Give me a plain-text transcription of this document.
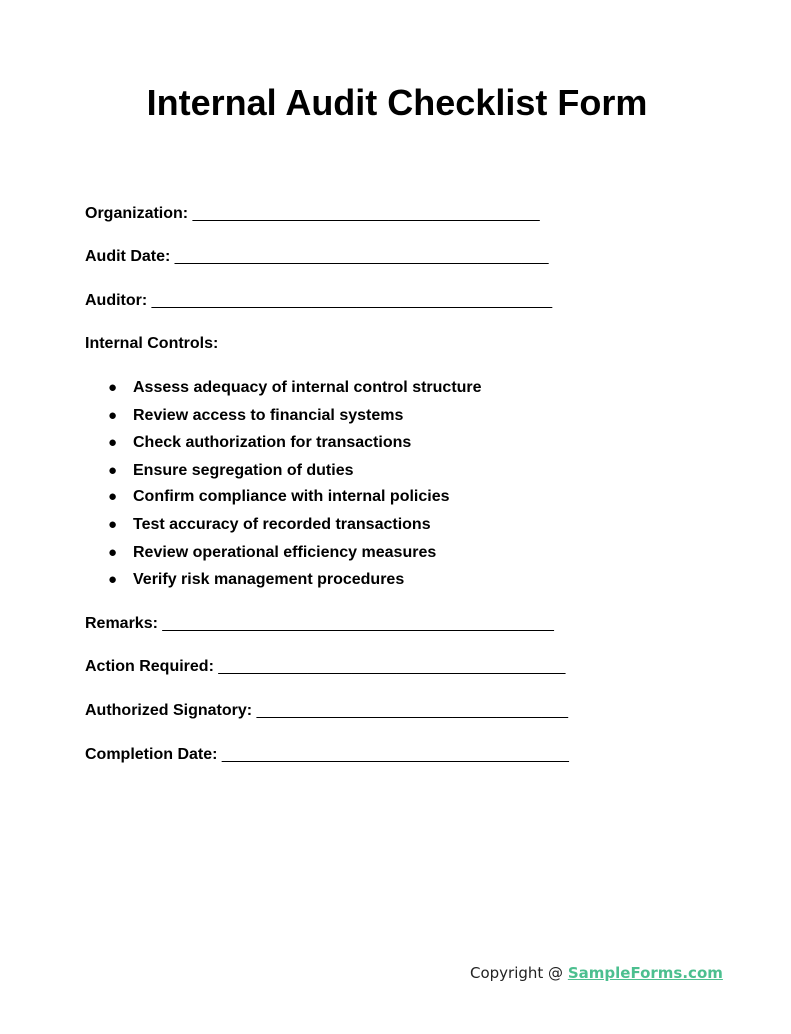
Internal Audit Checklist Form
Organization: _______________________________________
Audit Date: __________________________________________
Auditor: _____________________________________________
Internal Controls:
● Assess adequacy of internal control structure
● Review access to financial systems
● Check authorization for transactions
● Ensure segregation of duties
● Confirm compliance with internal policies
● Test accuracy of recorded transactions
● Review operational efficiency measures
● Verify risk management procedures
Remarks: ____________________________________________
Action Required: _______________________________________
Authorized Signatory: ___________________________________
Completion Date: _______________________________________
Copyright @ SampleForms.com
